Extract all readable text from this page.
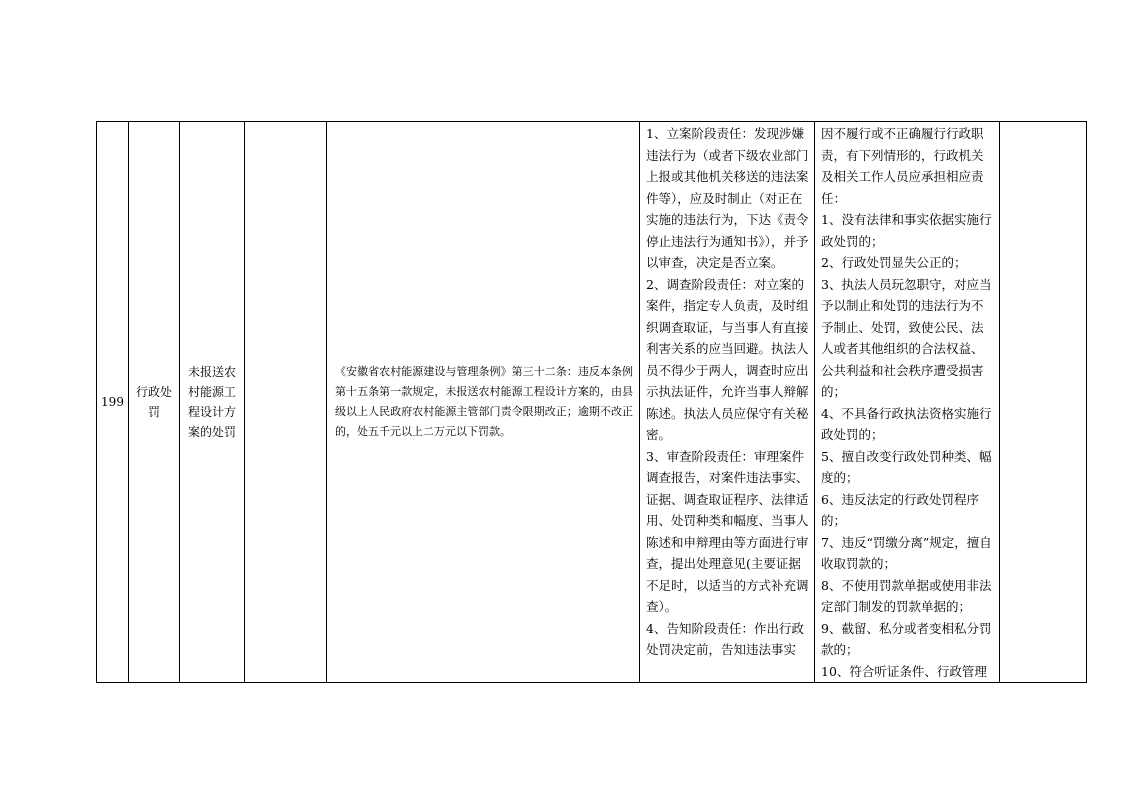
199	行政处罚	未报送农村能源工程设计方案的处罚		《安徽省农村能源建设与管理条例》第三十二条：违反本条例第十五条第一款规定，未报送农村能源工程设计方案的，由县级以上人民政府农村能源主管部门责令限期改正；逾期不改正的，处五千元以上二万元以下罚款。	1、立案阶段责任：发现涉嫌违法行为（或者下级农业部门上报或其他机关移送的违法案件等），应及时制止（对正在实施的违法行为，下达《责令停止违法行为通知书》），并予以审查，决定是否立案。
2、调查阶段责任：对立案的案件，指定专人负责，及时组织调查取证，与当事人有直接利害关系的应当回避。执法人员不得少于两人，调查时应出示执法证件，允许当事人辩解陈述。执法人员应保守有关秘密。
3、审查阶段责任：审理案件调查报告，对案件违法事实、证据、调查取证程序、法律适用、处罚种类和幅度、当事人陈述和申辩理由等方面进行审查，提出处理意见(主要证据不足时，以适当的方式补充调查）。
4、告知阶段责任：作出行政处罚决定前，告知违法事实	因不履行或不正确履行行政职责，有下列情形的，行政机关及相关工作人员应承担相应责任：
1、没有法律和事实依据实施行政处罚的；
2、行政处罚显失公正的；
3、执法人员玩忽职守，对应当予以制止和处罚的违法行为不予制止、处罚，致使公民、法人或者其他组织的合法权益、公共利益和社会秩序遭受损害的；
4、不具备行政执法资格实施行政处罚的；
5、擅自改变行政处罚种类、幅度的；
6、违反法定的行政处罚程序的；
7、违反“罚缴分离”规定，擅自收取罚款的；
8、不使用罚款单据或使用非法定部门制发的罚款单据的；
9、截留、私分或者变相私分罚款的；
10、符合听证条件、行政管理	
